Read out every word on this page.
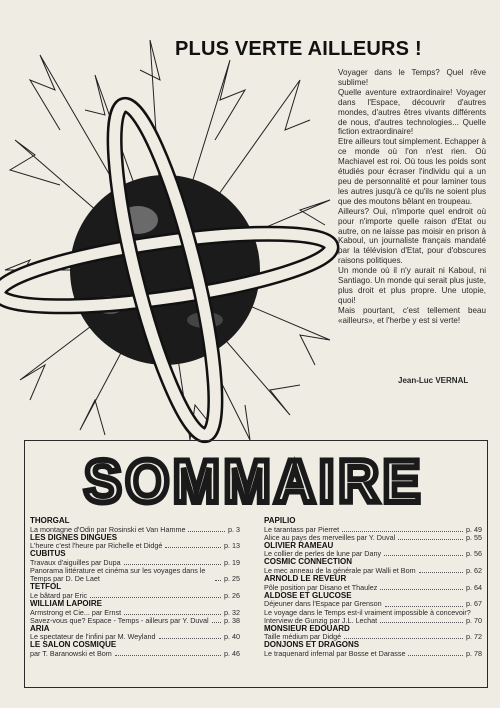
PLUS VERTE AILLEURS !

Voyager dans le Temps? Quel rêve sublime!

Quelle aventure extraordinaire! Voyager dans l'Espace, découvrir d'autres mondes, d'autres êtres vivants différents de nous, d'autres technologies... Quelle fiction extraordinaire!

Etre ailleurs tout simplement. Echapper à ce monde où l'on n'est rien. Où Machiavel est roi. Où tous les poids sont étudiés pour écraser l'individu qui a un peu de personnalité et pour laminer tous les autres jusqu'à ce qu'ils ne soient plus que des moutons bêlant en troupeau.

Ailleurs? Oui, n'importe quel endroit où pour n'importe quelle raison d'Etat ou autre, on ne laisse pas moisir en prison à Kaboul, un journaliste français mandaté par la télévision d'Etat, pour d'obscures raisons politiques.

Un monde où il n'y aurait ni Kaboul, ni Santiago. Un monde qui serait plus juste, plus droit et plus propre. Une utopie, quoi!

Mais pourtant, c'est tellement beau «ailleurs», et l'herbe y est si verte!

Jean-Luc VERNAL
SOMMAIRE
THORGAL
La montagne d'Odin par Rosinski et Van Hamme	p. 3
LES DIGNES DINGUES
L'heure c'est l'heure par Richelle et Didgé	p. 13
CUBITUS
Travaux d'aiguilles par Dupa	p. 19
Panorama littérature et cinéma sur les voyages dans le Temps par D. De Laet	p. 25
TETFOL
Le bâtard par Eric	p. 26
WILLIAM LAPOIRE
Armstrong et Cie... par Ernst	p. 32
Savez-vous que? Espace - Temps - ailleurs par Y. Duval p. 38
ARIA
Le spectateur de l'infini par M. Weyland	p. 40
LE SALON COSMIQUE
par T. Baranowski et Bom	p. 46
PAPILIO
Le tarantass par Pierret	p. 49
Alice au pays des merveilles par Y. Duval	p. 55
OLIVIER RAMEAU
Le collier de perles de lune par Dany	p. 56
COSMIC CONNECTION
Le mec anneau de la générale par Walli et Bom	p. 62
ARNOLD LE REVEUR
Pôle position par Disano et Thaulez	p. 64
ALDOSE ET GLUCOSE
Déjeuner dans l'Espace par Grenson	p. 67
Le voyage dans le Temps est-il vraiment impossible à concevoir?
Interview de Gunzig par J.L. Lechat	p. 70
MONSIEUR EDOUARD
Taille médium par Didgé	p. 72
DONJONS ET DRAGONS
Le traquenard infernal par Bosse et Darasse	p. 78
